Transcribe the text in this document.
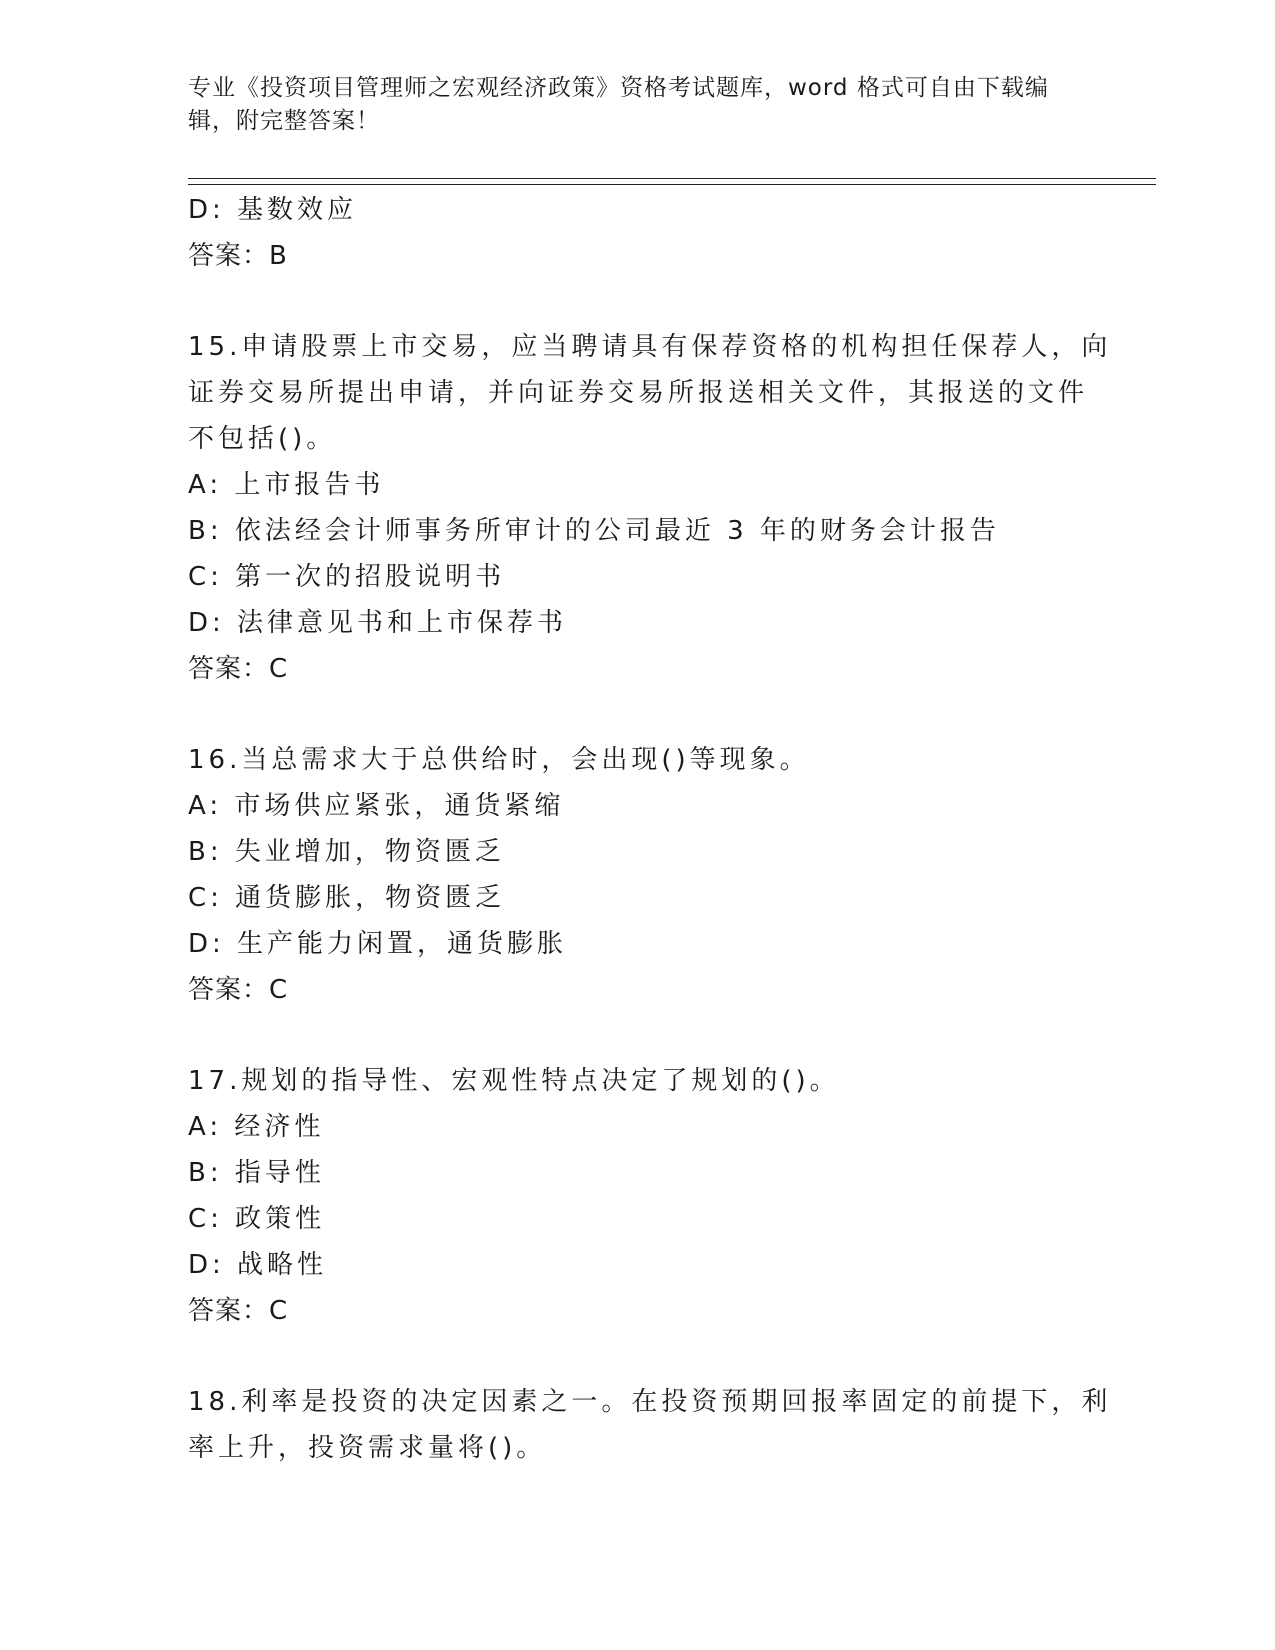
专业《投资项目管理师之宏观经济政策》资格考试题库，word 格式可自由下载编
辑，附完整答案！
D: 基数效应
答案：B
15.申请股票上市交易，应当聘请具有保荐资格的机构担任保荐人，向
证券交易所提出申请，并向证券交易所报送相关文件，其报送的文件
不包括()。
A: 上市报告书
B: 依法经会计师事务所审计的公司最近 3 年的财务会计报告
C: 第一次的招股说明书
D: 法律意见书和上市保荐书
答案：C
16.当总需求大于总供给时，会出现()等现象。
A: 市场供应紧张，通货紧缩
B: 失业增加，物资匮乏
C: 通货膨胀，物资匮乏
D: 生产能力闲置，通货膨胀
答案：C
17.规划的指导性、宏观性特点决定了规划的()。
A: 经济性
B: 指导性
C: 政策性
D: 战略性
答案：C
18.利率是投资的决定因素之一。在投资预期回报率固定的前提下，利
率上升，投资需求量将()。
